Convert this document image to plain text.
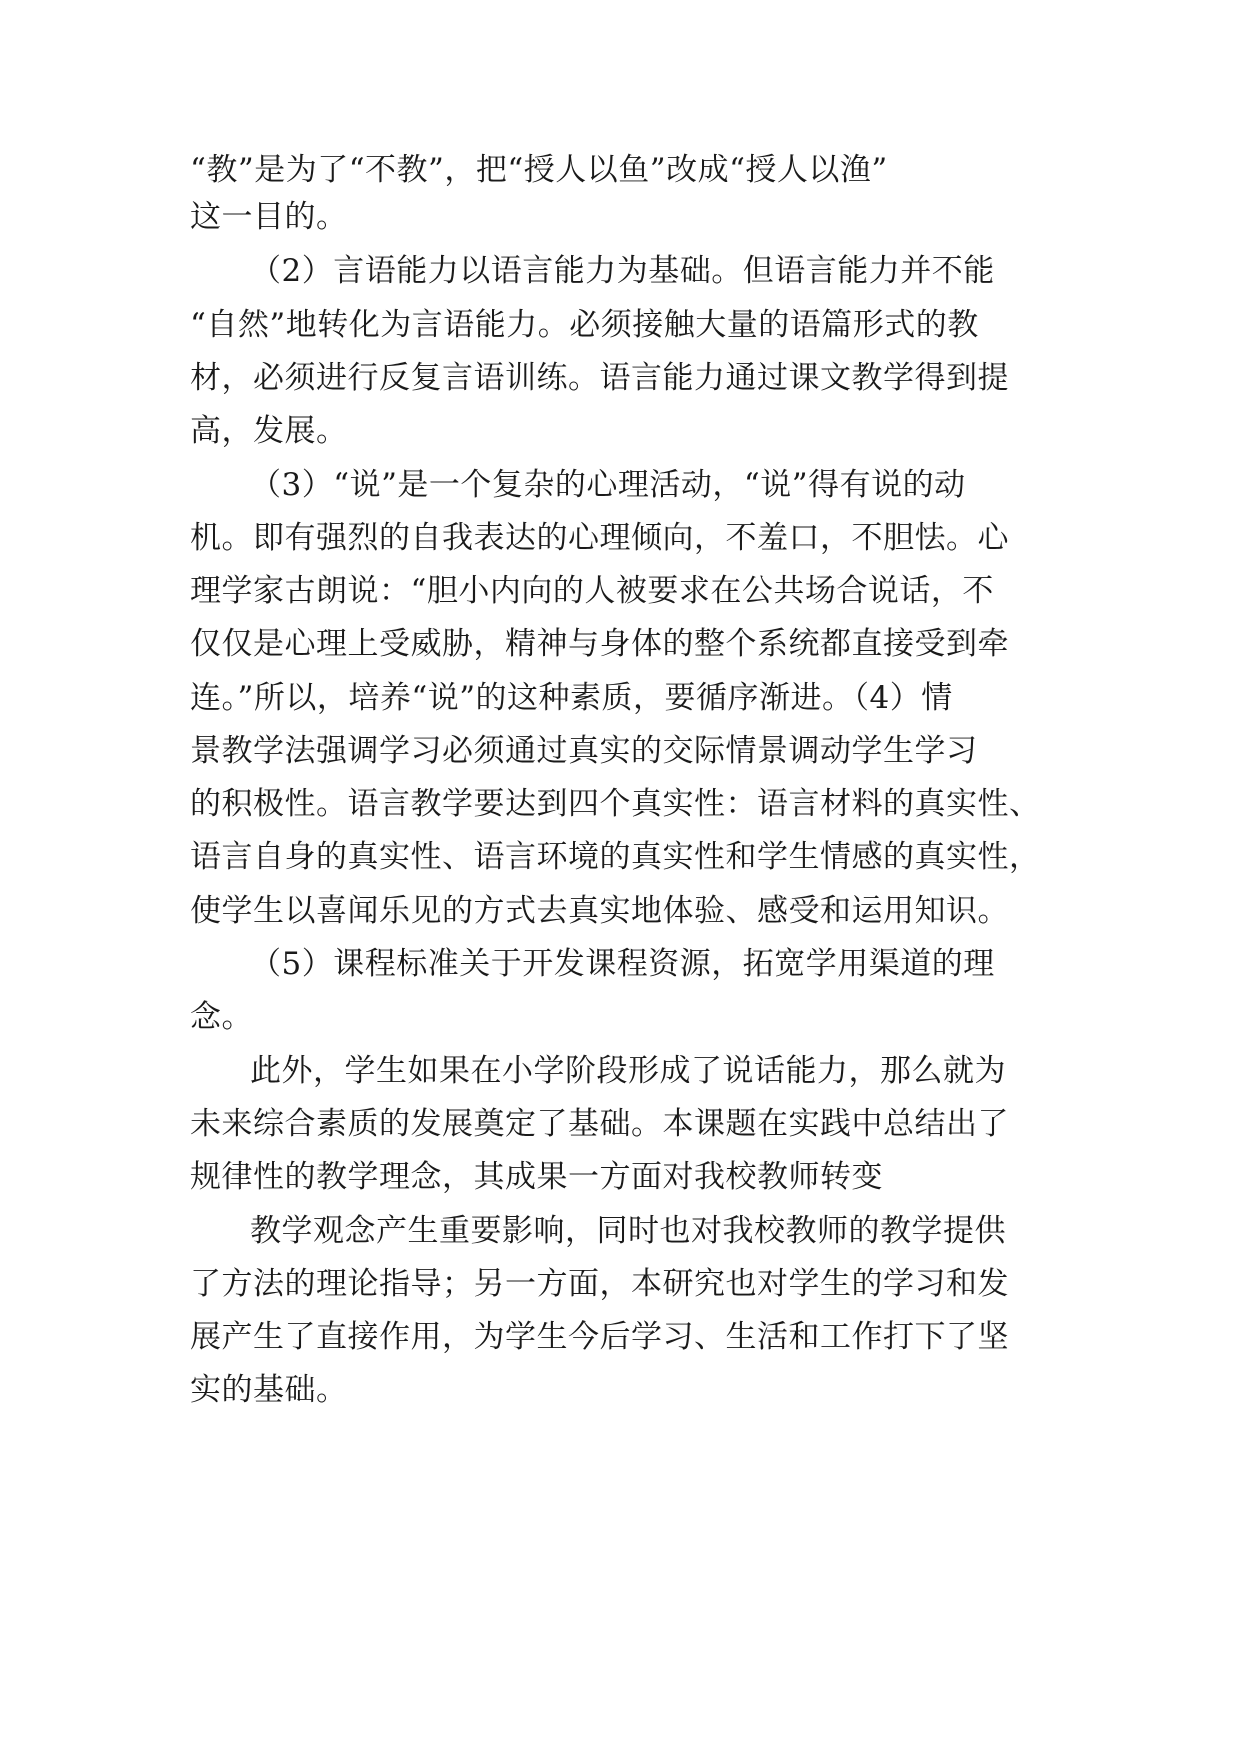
“教”是为了“不教”，把“授人以鱼”改成“授人以渔”
这一目的。
（2）言语能力以语言能力为基础。但语言能力并不能
“自然”地转化为言语能力。必须接触大量的语篇形式的教
材，必须进行反复言语训练。语言能力通过课文教学得到提
高，发展。
（3）“说”是一个复杂的心理活动，“说”得有说的动
机。即有强烈的自我表达的心理倾向，不羞口，不胆怯。心
理学家古朗说：“胆小内向的人被要求在公共场合说话，不
仅仅是心理上受威胁，精神与身体的整个系统都直接受到牵
连。”所以，培养“说”的这种素质，要循序渐进。（4）情
景教学法强调学习必须通过真实的交际情景调动学生学习
的积极性。语言教学要达到四个真实性：语言材料的真实性、
语言自身的真实性、语言环境的真实性和学生情感的真实性，
使学生以喜闻乐见的方式去真实地体验、感受和运用知识。
（5）课程标准关于开发课程资源，拓宽学用渠道的理
念。
此外，学生如果在小学阶段形成了说话能力，那么就为
未来综合素质的发展奠定了基础。本课题在实践中总结出了
规律性的教学理念，其成果一方面对我校教师转变
教学观念产生重要影响，同时也对我校教师的教学提供
了方法的理论指导；另一方面，本研究也对学生的学习和发
展产生了直接作用，为学生今后学习、生活和工作打下了坚
实的基础。
